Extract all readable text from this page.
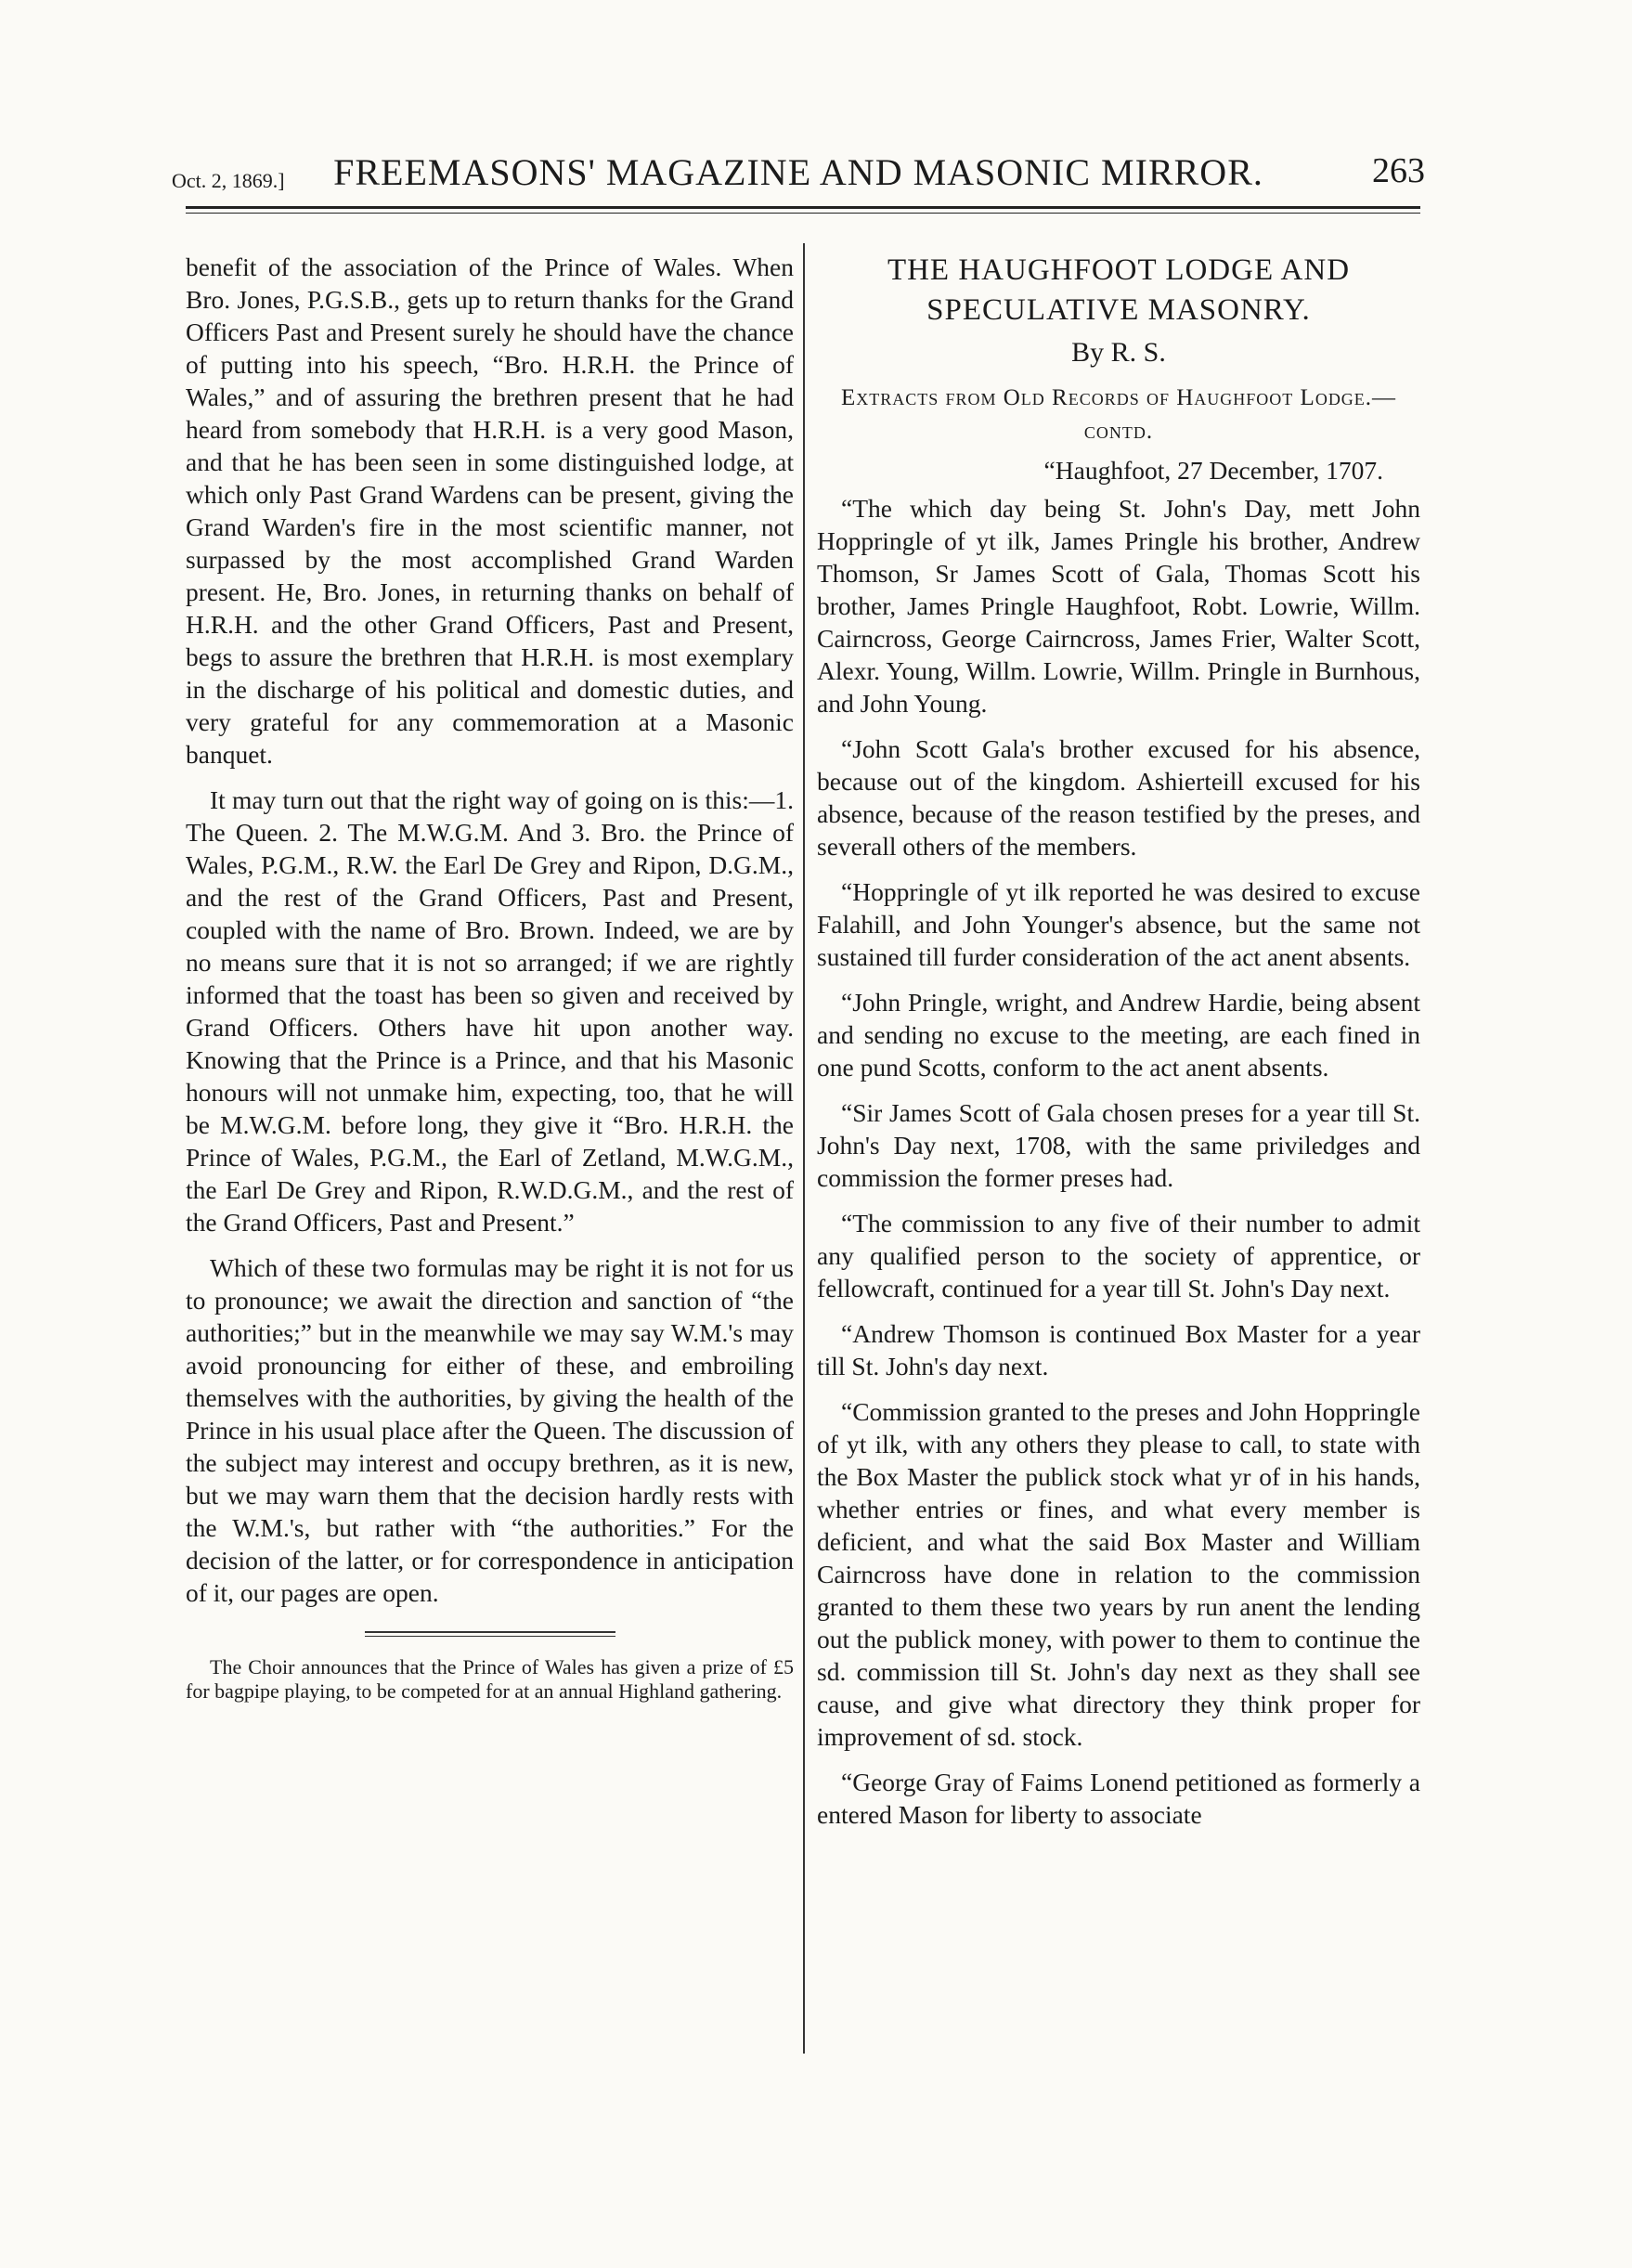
Oct. 2, 1869.]	FREEMASONS' MAGAZINE AND MASONIC MIRROR.	263

benefit of the association of the Prince of Wales. When Bro. Jones, P.G.S.B., gets up to return thanks for the Grand Officers Past and Present surely he should have the chance of putting into his speech, “Bro. H.R.H. the Prince of Wales,” and of assuring the brethren present that he had heard from somebody that H.R.H. is a very good Mason, and that he has been seen in some distinguished lodge, at which only Past Grand Wardens can be present, giving the Grand Warden's fire in the most scientific manner, not surpassed by the most accomplished Grand Warden present. He, Bro. Jones, in returning thanks on behalf of H.R.H. and the other Grand Officers, Past and Present, begs to assure the brethren that H.R.H. is most exemplary in the discharge of his political and domestic duties, and very grateful for any commemoration at a Masonic banquet.

It may turn out that the right way of going on is this:—1. The Queen. 2. The M.W.G.M. And 3. Bro. the Prince of Wales, P.G.M., R.W. the Earl De Grey and Ripon, D.G.M., and the rest of the Grand Officers, Past and Present, coupled with the name of Bro. Brown. Indeed, we are by no means sure that it is not so arranged; if we are rightly informed that the toast has been so given and received by Grand Officers. Others have hit upon another way. Knowing that the Prince is a Prince, and that his Masonic honours will not unmake him, expecting, too, that he will be M.W.G.M. before long, they give it “Bro. H.R.H. the Prince of Wales, P.G.M., the Earl of Zetland, M.W.G.M., the Earl De Grey and Ripon, R.W.D.G.M., and the rest of the Grand Officers, Past and Present.”

Which of these two formulas may be right it is not for us to pronounce; we await the direction and sanction of “the authorities;” but in the meanwhile we may say W.M.'s may avoid pronouncing for either of these, and embroiling themselves with the authorities, by giving the health of the Prince in his usual place after the Queen. The discussion of the subject may interest and occupy brethren, as it is new, but we may warn them that the decision hardly rests with the W.M.'s, but rather with “the authorities.” For the decision of the latter, or for correspondence in anticipation of it, our pages are open.

The Choir announces that the Prince of Wales has given a prize of £5 for bagpipe playing, to be competed for at an annual Highland gathering.

THE HAUGHFOOT LODGE AND SPECULATIVE MASONRY.
By R. S.
Extracts from Old Records of Haughfoot Lodge.—contd.
“Haughfoot, 27 December, 1707.

“The which day being St. John's Day, mett John Hoppringle of yt ilk, James Pringle his brother, Andrew Thomson, Sr James Scott of Gala, Thomas Scott his brother, James Pringle Haughfoot, Robt. Lowrie, Willm. Cairncross, George Cairncross, James Frier, Walter Scott, Alexr. Young, Willm. Lowrie, Willm. Pringle in Burnhous, and John Young.

“John Scott Gala's brother excused for his absence, because out of the kingdom. Ashierteill excused for his absence, because of the reason testified by the preses, and severall others of the members.

“Hoppringle of yt ilk reported he was desired to excuse Falahill, and John Younger's absence, but the same not sustained till furder consideration of the act anent absents.

“John Pringle, wright, and Andrew Hardie, being absent and sending no excuse to the meeting, are each fined in one pund Scotts, conform to the act anent absents.

“Sir James Scott of Gala chosen preses for a year till St. John's Day next, 1708, with the same priviledges and commission the former preses had.

“The commission to any five of their number to admit any qualified person to the society of apprentice, or fellowcraft, continued for a year till St. John's Day next.

“Andrew Thomson is continued Box Master for a year till St. John's day next.

“Commission granted to the preses and John Hoppringle of yt ilk, with any others they please to call, to state with the Box Master the publick stock what yr of in his hands, whether entries or fines, and what every member is deficient, and what the said Box Master and William Cairncross have done in relation to the commission granted to them these two years by run anent the lending out the publick money, with power to them to continue the sd. commission till St. John's day next as they shall see cause, and give what directory they think proper for improvement of sd. stock.

“George Gray of Faims Lonend petitioned as formerly a entered Mason for liberty to associate
